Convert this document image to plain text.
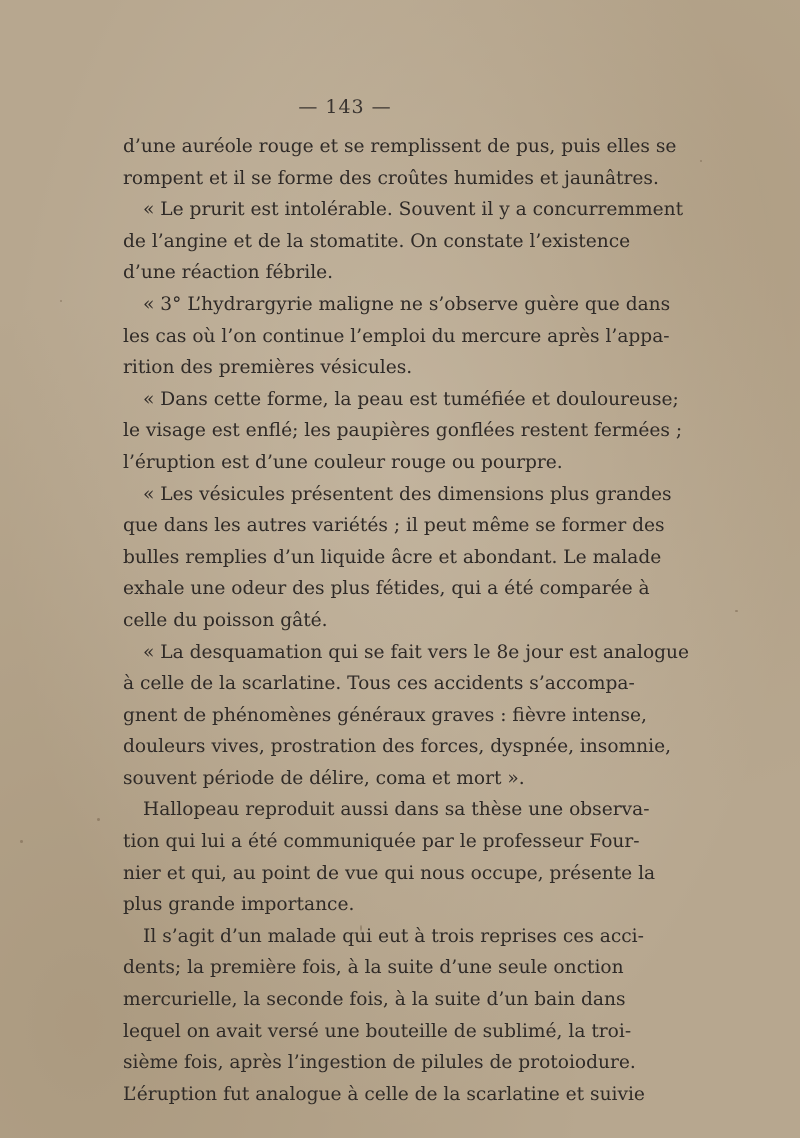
— 143 —
d’une auréole rouge et se remplissent de pus, puis elles se
rompent et il se forme des croûtes humides et jaunâtres.
« Le prurit est intolérable. Souvent il y a concurremment
de l’angine et de la stomatite. On constate l’existence
d’une réaction fébrile.
« 3° L’hydrargyrie maligne ne s’observe guère que dans
les cas où l’on continue l’emploi du mercure après l’appa-
rition des premières vésicules.
« Dans cette forme, la peau est tuméfiée et douloureuse;
le visage est enflé; les paupières gonflées restent fermées ;
l’éruption est d’une couleur rouge ou pourpre.
« Les vésicules présentent des dimensions plus grandes
que dans les autres variétés ; il peut même se former des
bulles remplies d’un liquide âcre et abondant. Le malade
exhale une odeur des plus fétides, qui a été comparée à
celle du poisson gâté.
« La desquamation qui se fait vers le 8e jour est analogue
à celle de la scarlatine. Tous ces accidents s’accompa-
gnent de phénomènes généraux graves : fièvre intense,
douleurs vives, prostration des forces, dyspnée, insomnie,
souvent période de délire, coma et mort ».
Hallopeau reproduit aussi dans sa thèse une observa-
tion qui lui a été communiquée par le professeur Four-
nier et qui, au point de vue qui nous occupe, présente la
plus grande importance.
Il s’agit d’un malade qui eut à trois reprises ces acci-
dents; la première fois, à la suite d’une seule onction
mercurielle, la seconde fois, à la suite d’un bain dans
lequel on avait versé une bouteille de sublimé, la troi-
sième fois, après l’ingestion de pilules de protoiodure.
L’éruption fut analogue à celle de la scarlatine et suivie
